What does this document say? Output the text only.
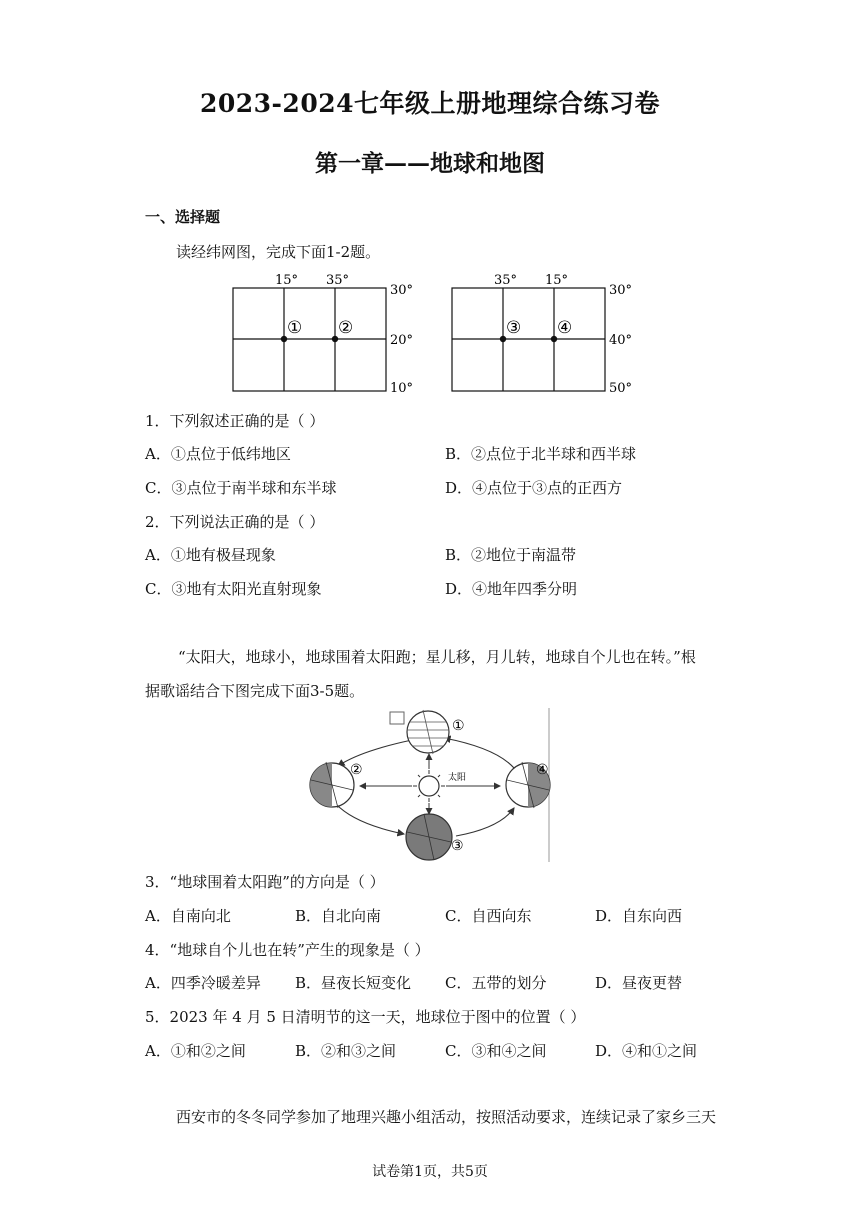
2023-2024七年级上册地理综合练习卷
第一章——地球和地图
一、选择题
读经纬网图，完成下面1-2题。
15° 35°
30°
20°
10°
① ②
35° 15°
30°
40°
50°
③ ④
1．下列叙述正确的是（ ）
A．①点位于低纬地区	B．②点位于北半球和西半球
C．③点位于南半球和东半球	D．④点位于③点的正西方
2．下列说法正确的是（ ）
A．①地有极昼现象	B．②地位于南温带
C．③地有太阳光直射现象	D．④地年四季分明
“太阳大，地球小，地球围着太阳跑；星儿移，月儿转，地球自个儿也在转。”根
据歌谣结合下图完成下面3-5题。
太阳
①
②
③
④
3．“地球围着太阳跑”的方向是（ ）
A．自南向北	B．自北向南	C．自西向东	D．自东向西
4．“地球自个儿也在转”产生的现象是（ ）
A．四季冷暖差异 B．昼夜长短变化 C．五带的划分	D．昼夜更替
5．2023 年 4 月 5 日清明节的这一天，地球位于图中的位置（ ）
A．①和②之间	B．②和③之间	C．③和④之间	D．④和①之间
西安市的冬冬同学参加了地理兴趣小组活动，按照活动要求，连续记录了家乡三天
试卷第1页，共5页
